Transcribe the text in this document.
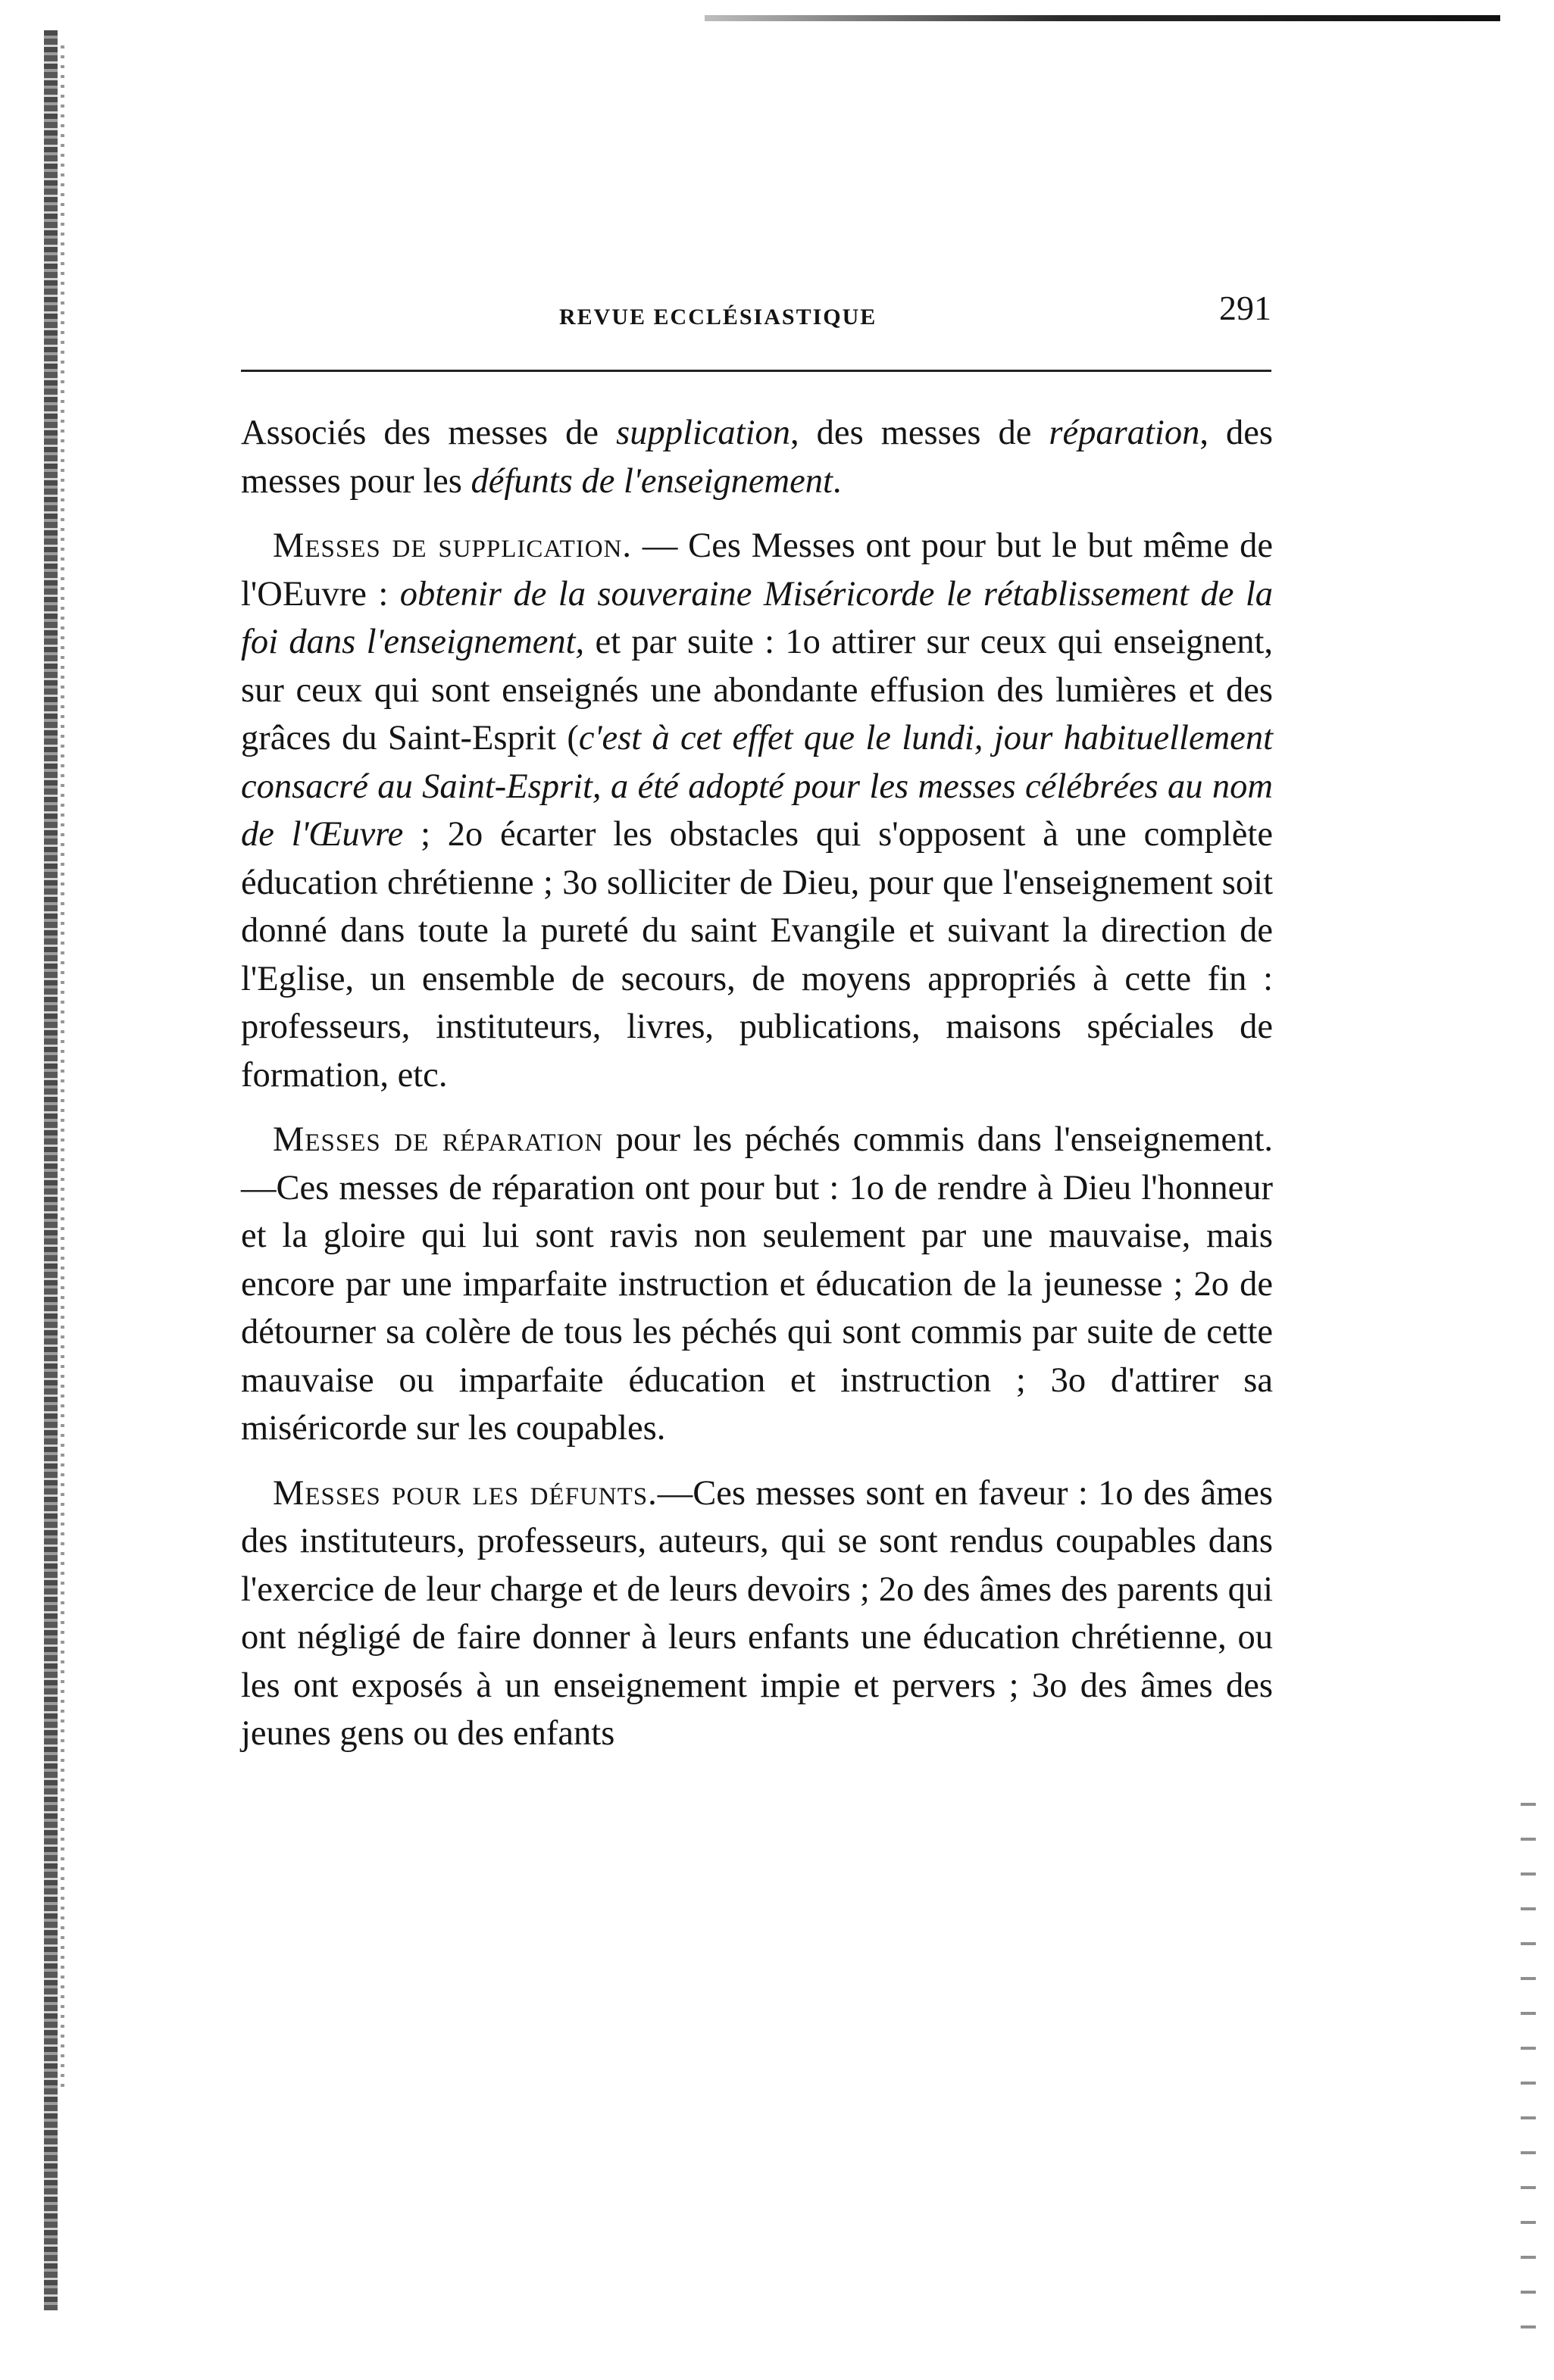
REVUE ECCLÉSIASTIQUE	291

Associés des messes de supplication, des messes de réparation, des messes pour les défunts de l'enseignement.

Messes de supplication. — Ces Messes ont pour but le but même de l'OEuvre : obtenir de la souveraine Miséricorde le rétablissement de la foi dans l'enseignement, et par suite : 1o attirer sur ceux qui enseignent, sur ceux qui sont enseignés une abondante effusion des lumières et des grâces du Saint-Esprit (c'est à cet effet que le lundi, jour habituellement consacré au Saint-Esprit, a été adopté pour les messes célébrées au nom de l'Œuvre ; 2o écarter les obstacles qui s'opposent à une complète éducation chrétienne ; 3o solliciter de Dieu, pour que l'enseignement soit donné dans toute la pureté du saint Evangile et suivant la direction de l'Eglise, un ensemble de secours, de moyens appropriés à cette fin : professeurs, instituteurs, livres, publications, maisons spéciales de formation, etc.

Messes de réparation pour les péchés commis dans l'enseignement.—Ces messes de réparation ont pour but : 1o de rendre à Dieu l'honneur et la gloire qui lui sont ravis non seulement par une mauvaise, mais encore par une imparfaite instruction et éducation de la jeunesse ; 2o de détourner sa colère de tous les péchés qui sont commis par suite de cette mauvaise ou imparfaite éducation et instruction ; 3o d'attirer sa miséricorde sur les coupables.

Messes pour les défunts.—Ces messes sont en faveur : 1o des âmes des instituteurs, professeurs, auteurs, qui se sont rendus coupables dans l'exercice de leur charge et de leurs devoirs ; 2o des âmes des parents qui ont négligé de faire donner à leurs enfants une éducation chrétienne, ou les ont exposés à un enseignement impie et pervers ; 3o des âmes des jeunes gens ou des enfants
